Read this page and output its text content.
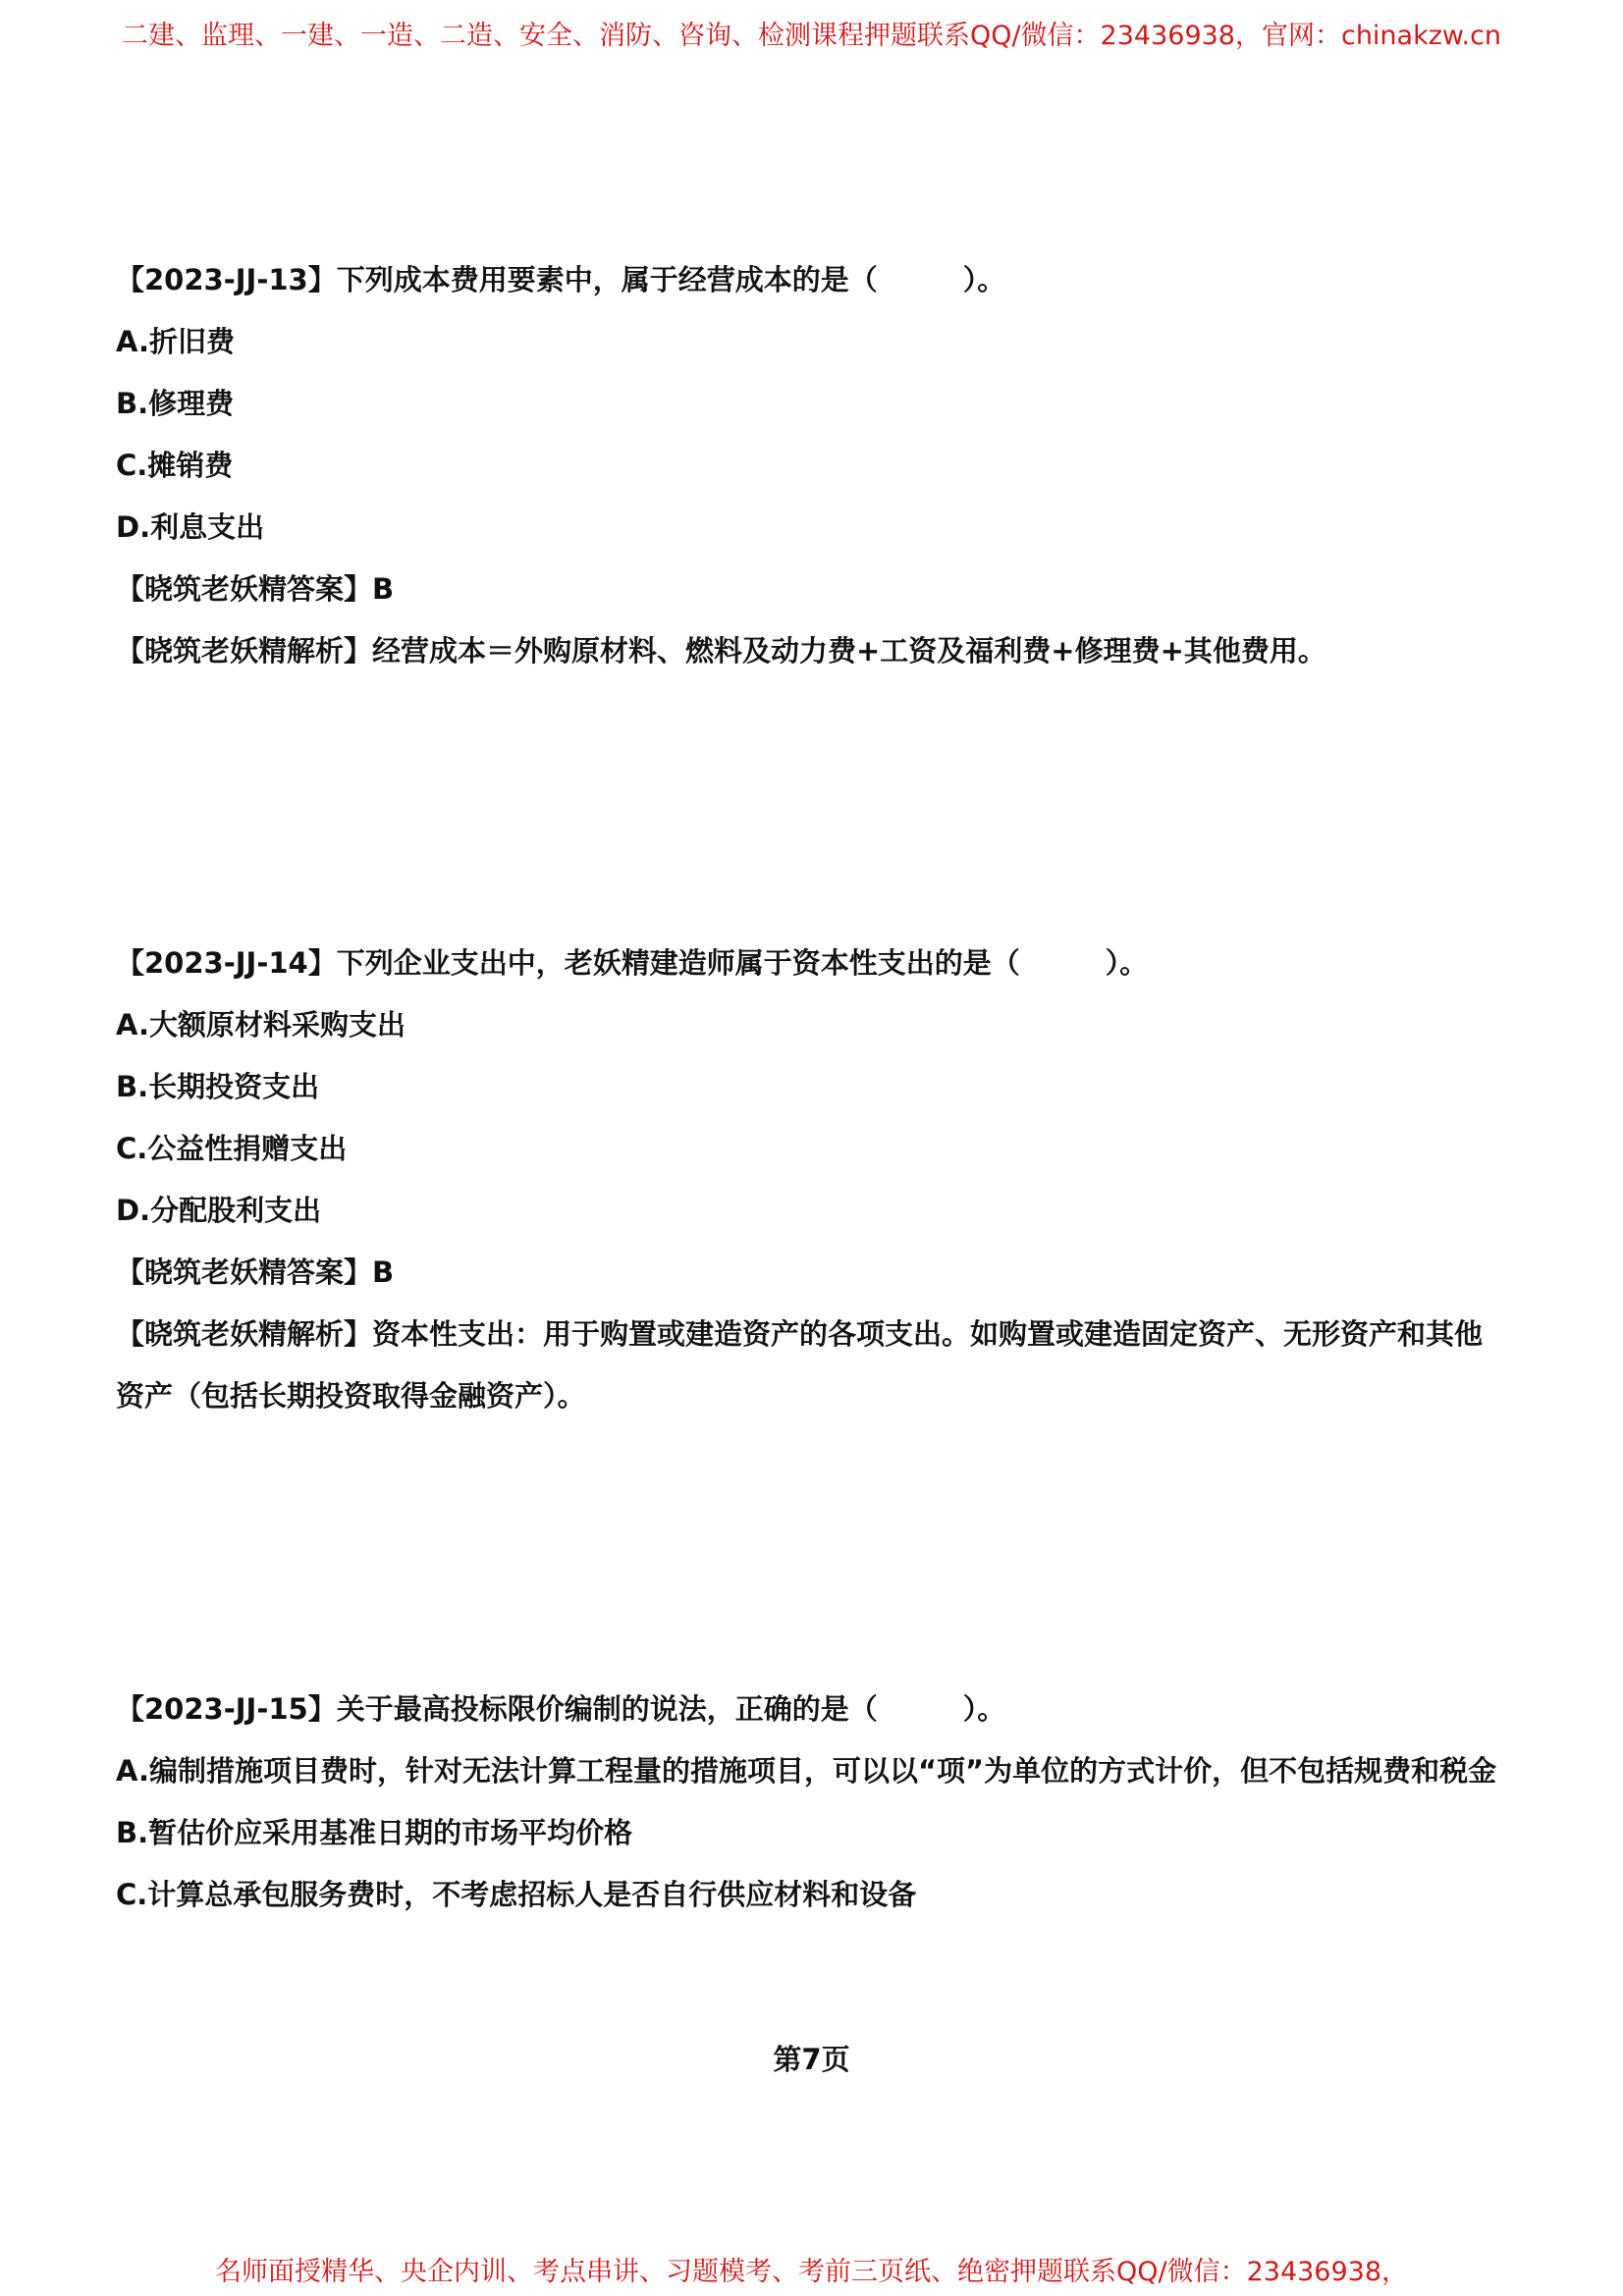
二建、监理、一建、一造、二造、安全、消防、咨询、检测课程押题联系QQ/微信：23436938，官网：chinakzw.cn
【2023-JJ-13】下列成本费用要素中，属于经营成本的是（　　　）。
A.折旧费
B.修理费
C.摊销费
D.利息支出
【晓筑老妖精答案】B
【晓筑老妖精解析】经营成本＝外购原材料、燃料及动力费+工资及福利费+修理费+其他费用。
【2023-JJ-14】下列企业支出中，老妖精建造师属于资本性支出的是（　　　）。
A.大额原材料采购支出
B.长期投资支出
C.公益性捐赠支出
D.分配股利支出
【晓筑老妖精答案】B
【晓筑老妖精解析】资本性支出：用于购置或建造资产的各项支出。如购置或建造固定资产、无形资产和其他资产（包括长期投资取得金融资产）。
【2023-JJ-15】关于最高投标限价编制的说法，正确的是（　　　）。
A.编制措施项目费时，针对无法计算工程量的措施项目，可以以“项”为单位的方式计价，但不包括规费和税金
B.暂估价应采用基准日期的市场平均价格
C.计算总承包服务费时，不考虑招标人是否自行供应材料和设备
第7页
名师面授精华、央企内训、考点串讲、习题模考、考前三页纸、绝密押题联系QQ/微信：23436938，
